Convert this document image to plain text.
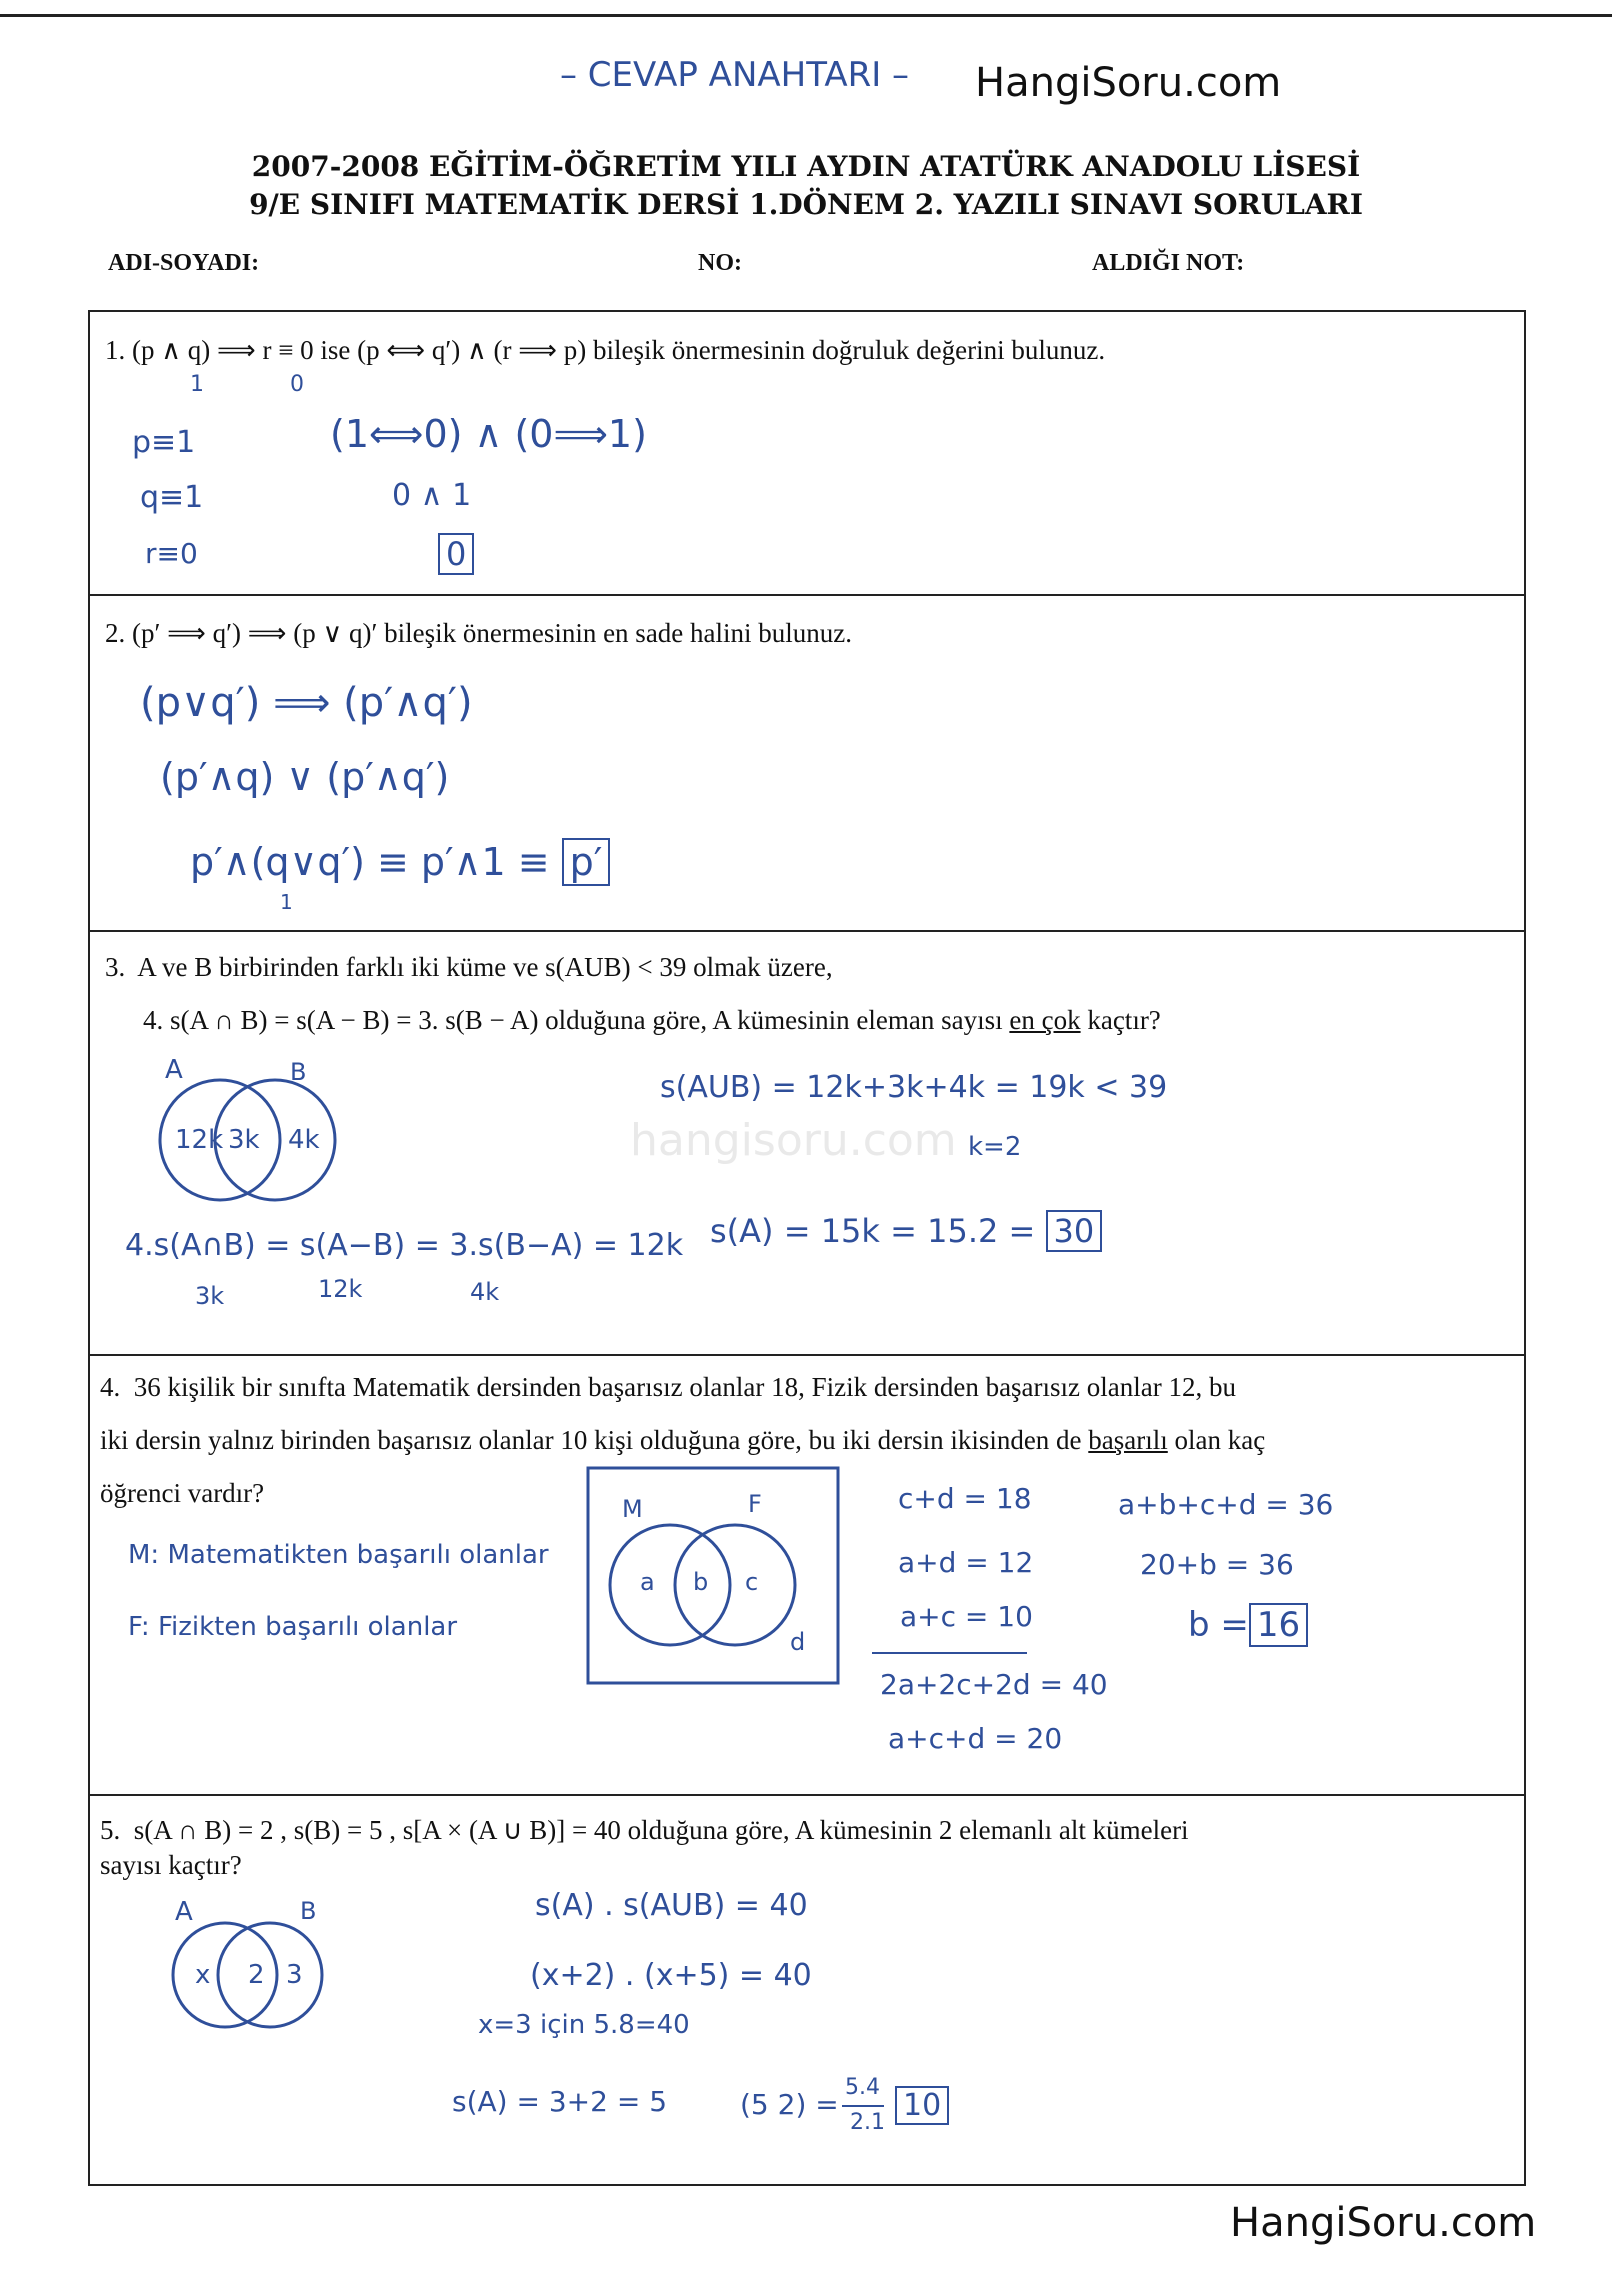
– CEVAP ANAHTARI – HangiSoru.com
2007-2008 EĞİTİM-ÖĞRETİM YILI AYDIN ATATÜRK ANADOLU LİSESİ
9/E SINIFI MATEMATİK DERSİ 1.DÖNEM 2. YAZILI SINAVI SORULARI
ADI-SOYADI:	NO:	ALDIĞI NOT:
1. (p ∧ q) ⟹ r ≡ 0 ise (p ⟺ q′) ∧ (r ⟹ p) bileşik önermesinin doğruluk değerini bulunuz.
1	0
p≡1
q≡1
r≡0
(1⟺0) ∧ (0⟹1)
0 ∧ 1
0
2. (p′ ⟹ q′) ⟹ (p ∨ q)′ bileşik önermesinin en sade halini bulunuz.
(p∨q′) ⟹ (p′∧q′)
(p′∧q) ∨ (p′∧q′)
p′∧(q∨q′) ≡ p′∧1 ≡ p′
1
3. A ve B birbirinden farklı iki küme ve s(AUB) < 39 olmak üzere,
4. s(A ∩ B) = s(A − B) = 3. s(B − A) olduğuna göre, A kümesinin eleman sayısı en çok kaçtır?
A	B
12k 3k 4k
s(AUB) = 12k+3k+4k = 19k < 39
k=2
4.s(A∩B) = s(A−B) = 3.s(B−A) = 12k
3k	12k	4k
s(A) = 15k = 15.2 = 30
4. 36 kişilik bir sınıfta Matematik dersinden başarısız olanlar 18, Fizik dersinden başarısız olanlar 12, bu
iki dersin yalnız birinden başarısız olanlar 10 kişi olduğuna göre, bu iki dersin ikisinden de başarılı olan kaç
öğrenci vardır?
M: Matematikten başarılı olanlar
F: Fizikten başarılı olanlar
M	F
a b c
d
c+d = 18
a+d = 12
a+c = 10
2a+2c+2d = 40
a+c+d = 20
a+b+c+d = 36
20+b = 36
b = 16
5. s(A ∩ B) = 2 , s(B) = 5 , s[A × (A ∪ B)] = 40 olduğuna göre, A kümesinin 2 elemanlı alt kümeleri
sayısı kaçtır?
A	B
x 2 3
s(A) . s(AUB) = 40
(x+2) . (x+5) = 40
x=3 için 5.8=40
s(A) = 3+2 = 5	(5 2) =
5.4
2.1 10
hangisoru.com
HangiSoru.com
